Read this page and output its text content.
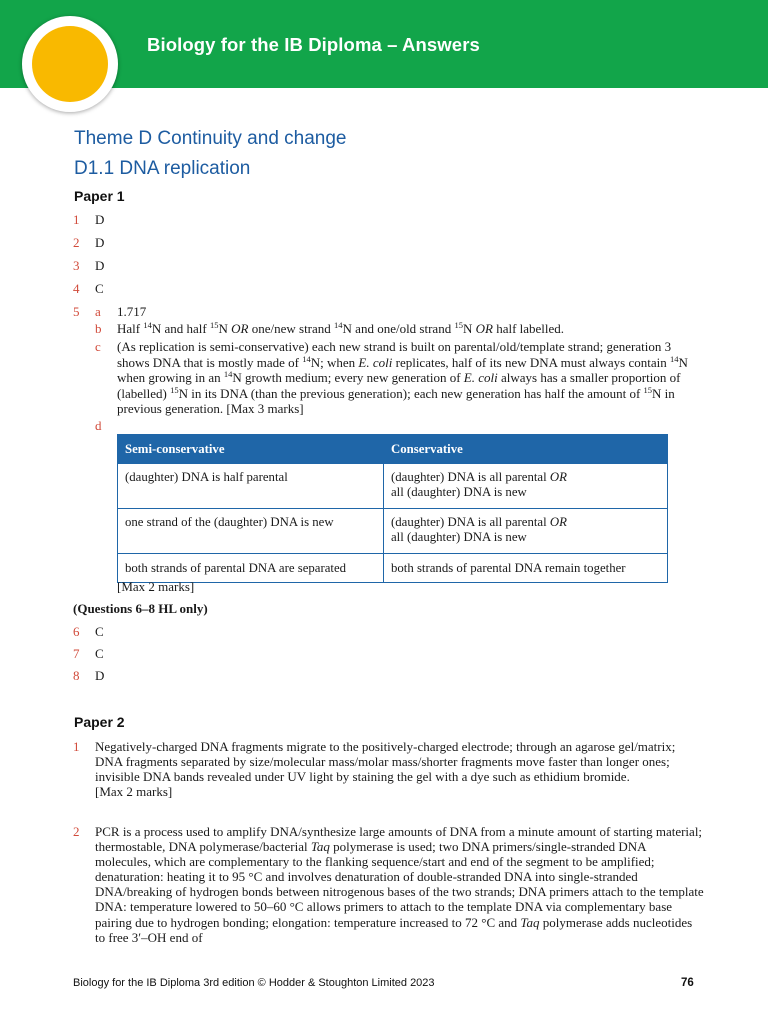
Biology for the IB Diploma – Answers
Theme D Continuity and change
D1.1 DNA replication
Paper 1
1 D
2 D
3 D
4 C
5 a 1.717
b Half $^{14}$N and half $^{15}$N OR one/new strand $^{14}$N and one/old strand $^{15}$N OR half labelled.
c (As replication is semi-conservative) each new strand is built on parental/old/template strand; generation 3 shows DNA that is mostly made of $^{14}$N; when E. coli replicates, half of its new DNA must always contain $^{14}$N when growing in an $^{14}$N growth medium; every new generation of E. coli always has a smaller proportion of (labelled) $^{15}$N in its DNA (than the previous generation); each new generation has half the amount of $^{15}$N in previous generation. [Max 3 marks]
d
Semi-conservative	Conservative
(daughter) DNA is half parental	(daughter) DNA is all parental OR
all (daughter) DNA is new
one strand of the (daughter) DNA is new	(daughter) DNA is all parental OR
all (daughter) DNA is new
both strands of parental DNA are separated	both strands of parental DNA remain together
[Max 2 marks]
(Questions 6–8 HL only)
6 C
7 C
8 D
Paper 2
1 Negatively-charged DNA fragments migrate to the positively-charged electrode; through an agarose gel/matrix; DNA fragments separated by size/molecular mass/molar mass/shorter fragments move faster than longer ones; invisible DNA bands revealed under UV light by staining the gel with a dye such as ethidium bromide.

[Max 2 marks]

2 PCR is a process used to amplify DNA/synthesize large amounts of DNA from a minute amount of starting material; thermostable, DNA polymerase/bacterial Taq polymerase is used; two DNA primers/single-stranded DNA molecules, which are complementary to the flanking sequence/start and end of the segment to be amplified; denaturation: heating it to 95 °C and involves denaturation of double-stranded DNA into single-stranded DNA/breaking of hydrogen bonds between nitrogenous bases of the two strands; DNA primers attach to the template DNA: temperature lowered to 50–60 °C allows primers to attach to the template DNA via complementary base pairing due to hydrogen bonding; elongation: temperature increased to 72 °C and Taq polymerase adds nucleotides to free 3′–OH end of
Biology for the IB Diploma 3rd edition © Hodder & Stoughton Limited 2023	76
